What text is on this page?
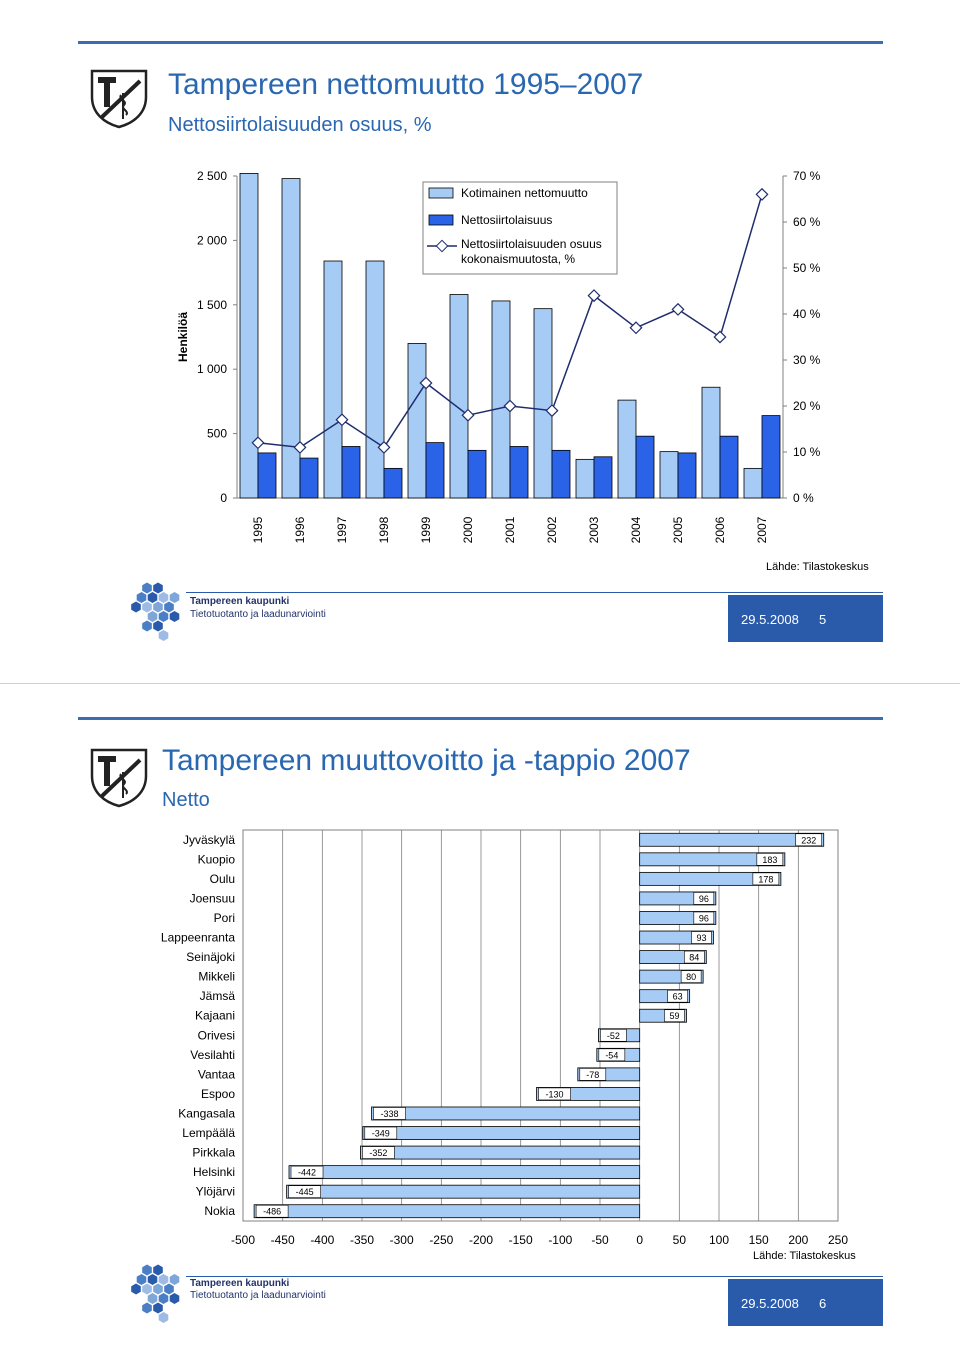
Tampereen nettomuutto 1995–2007
Nettosiirtolaisuuden osuus, %
0
500
1 000
1 500
2 000
2 500
0 %
10 %
20 %
30 %
40 %
50 %
60 %
70 %
Henkilöä
1995 1996 1997 1998 1999 2000 2001 2002 2003 2004 2005 2006 2007
Kotimainen nettomuutto
Nettosiirtolaisuus
Nettosiirtolaisuuden osuus
kokonaismuutosta, %
Lähde: Tilastokeskus
Tampereen kaupunki
Tietotuotanto ja laadunarviointi	29.5.2008 5
Tampereen muuttovoitto ja -tappio 2007
Netto
-500 -450 -400 -350 -300 -250 -200 -150 -100 -50 0 50 100 150 200 250
Jyväskylä	232
Kuopio	183
Oulu	178
Joensuu	96
Pori	96
Lappeenranta	93
Seinäjoki	84
Mikkeli	80
Jämsä	63
Kajaani	59
Orivesi	-52
Vesilahti	-54
Vantaa	-78
Espoo	-130
Kangasala	-338
Lempäälä	-349
Pirkkala	-352
Helsinki	-442
Ylöjärvi	-445
Nokia	-486
Lähde: Tilastokeskus
Tampereen kaupunki
Tietotuotanto ja laadunarviointi
29.5.2008 6
